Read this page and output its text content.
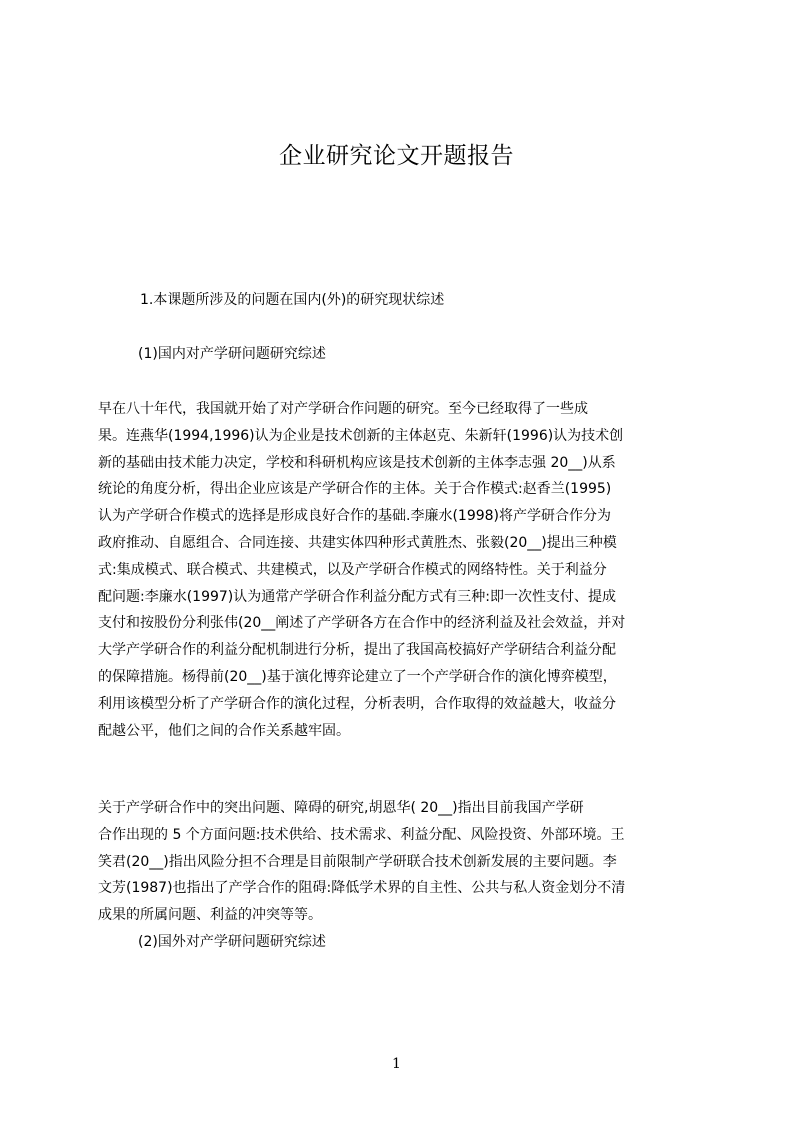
企业研究论文开题报告
1.本课题所涉及的问题在国内(外)的研究现状综述
(1)国内对产学研问题研究综述
早在八十年代，我国就开始了对产学研合作问题的研究。至今已经取得了一些成
果。连燕华(1994,1996)认为企业是技术创新的主体赵克、朱新轩(1996)认为技术创
新的基础由技术能力决定，学校和科研机构应该是技术创新的主体李志强 20__)从系
统论的角度分析，得出企业应该是产学研合作的主体。关于合作模式:赵香兰(1995)
认为产学研合作模式的选择是形成良好合作的基础.李廉水(1998)将产学研合作分为
政府推动、自愿组合、合同连接、共建实体四种形式黄胜杰、张毅(20__)提出三种模
式:集成模式、联合模式、共建模式，以及产学研合作模式的网络特性。关于利益分
配问题:李廉水(1997)认为通常产学研合作利益分配方式有三种:即一次性支付、提成
支付和按股份分利张伟(20__阐述了产学研各方在合作中的经济利益及社会效益，并对
大学产学研合作的利益分配机制进行分析，提出了我国高校搞好产学研结合利益分配
的保障措施。杨得前(20__)基于演化博弈论建立了一个产学研合作的演化博弈模型，
利用该模型分析了产学研合作的演化过程，分析表明，合作取得的效益越大，收益分
配越公平，他们之间的合作关系越牢固。
关于产学研合作中的突出问题、障碍的研究,胡恩华( 20__)指出目前我国产学研
合作出现的 5 个方面问题:技术供给、技术需求、利益分配、风险投资、外部环境。王
笑君(20__)指出风险分担不合理是目前限制产学研联合技术创新发展的主要问题。李
文芳(1987)也指出了产学合作的阻碍:降低学术界的自主性、公共与私人资金划分不清
成果的所属问题、利益的冲突等等。
(2)国外对产学研问题研究综述
1
